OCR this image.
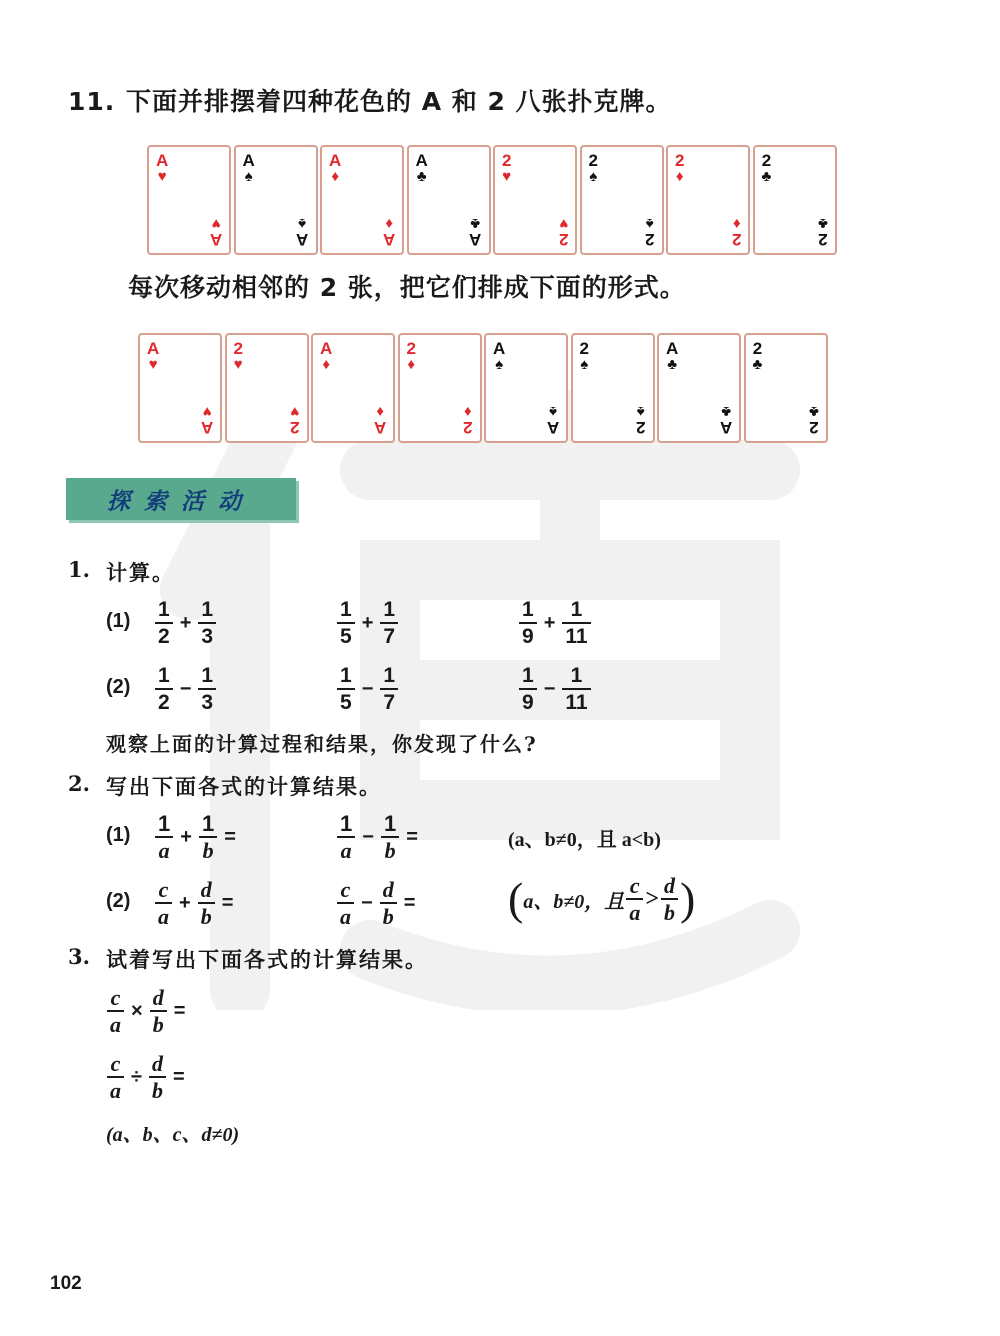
11. 下面并排摆着四种花色的 A 和 2 八张扑克牌。
A
♥
A
♥
A
♠
A
♠
A
♦
A
♦
A
♣
A
♣
2
♥
2
♥
2
♠
2
♠
2
♦
2
♦
2
♣
2
♣
每次移动相邻的 2 张，把它们排成下面的形式。
A
♥
A
♥
2
♥
2
♥
A
♦
A
♦
2
♦
2
♦
A
♠
A
♠
2
♠
2
♠
A
♣
A
♣
2
♣
2
♣
探索活动
1. 计算。
$(1) \frac{1}{2} + \frac{1}{3}$	$\frac{1}{5} + \frac{1}{7}$	$\frac{1}{9} + \frac{1}{11}$
$(2) \frac{1}{2} - \frac{1}{3}$	$\frac{1}{5} - \frac{1}{7}$	$\frac{1}{9} - \frac{1}{11}$
观察上面的计算过程和结果，你发现了什么?
2. 写出下面各式的计算结果。
$(1) \frac{1}{a} + \frac{1}{b}$ =	$\frac{1}{a} - \frac{1}{b}$ =	(a、b≠0，且 a<b)
$(2) \frac{c}{a} + \frac{d}{b}$ =	$\frac{c}{a} - \frac{d}{b}$ = ( a、b≠0，且 $\frac{c}{a} > \frac{d}{b}$ )
3. 试着写出下面各式的计算结果。
$\frac{c}{a} \times \frac{d}{b}$ =
$\frac{c}{a} \div \frac{d}{b}$ =
(a、b、c、d≠0)
102
